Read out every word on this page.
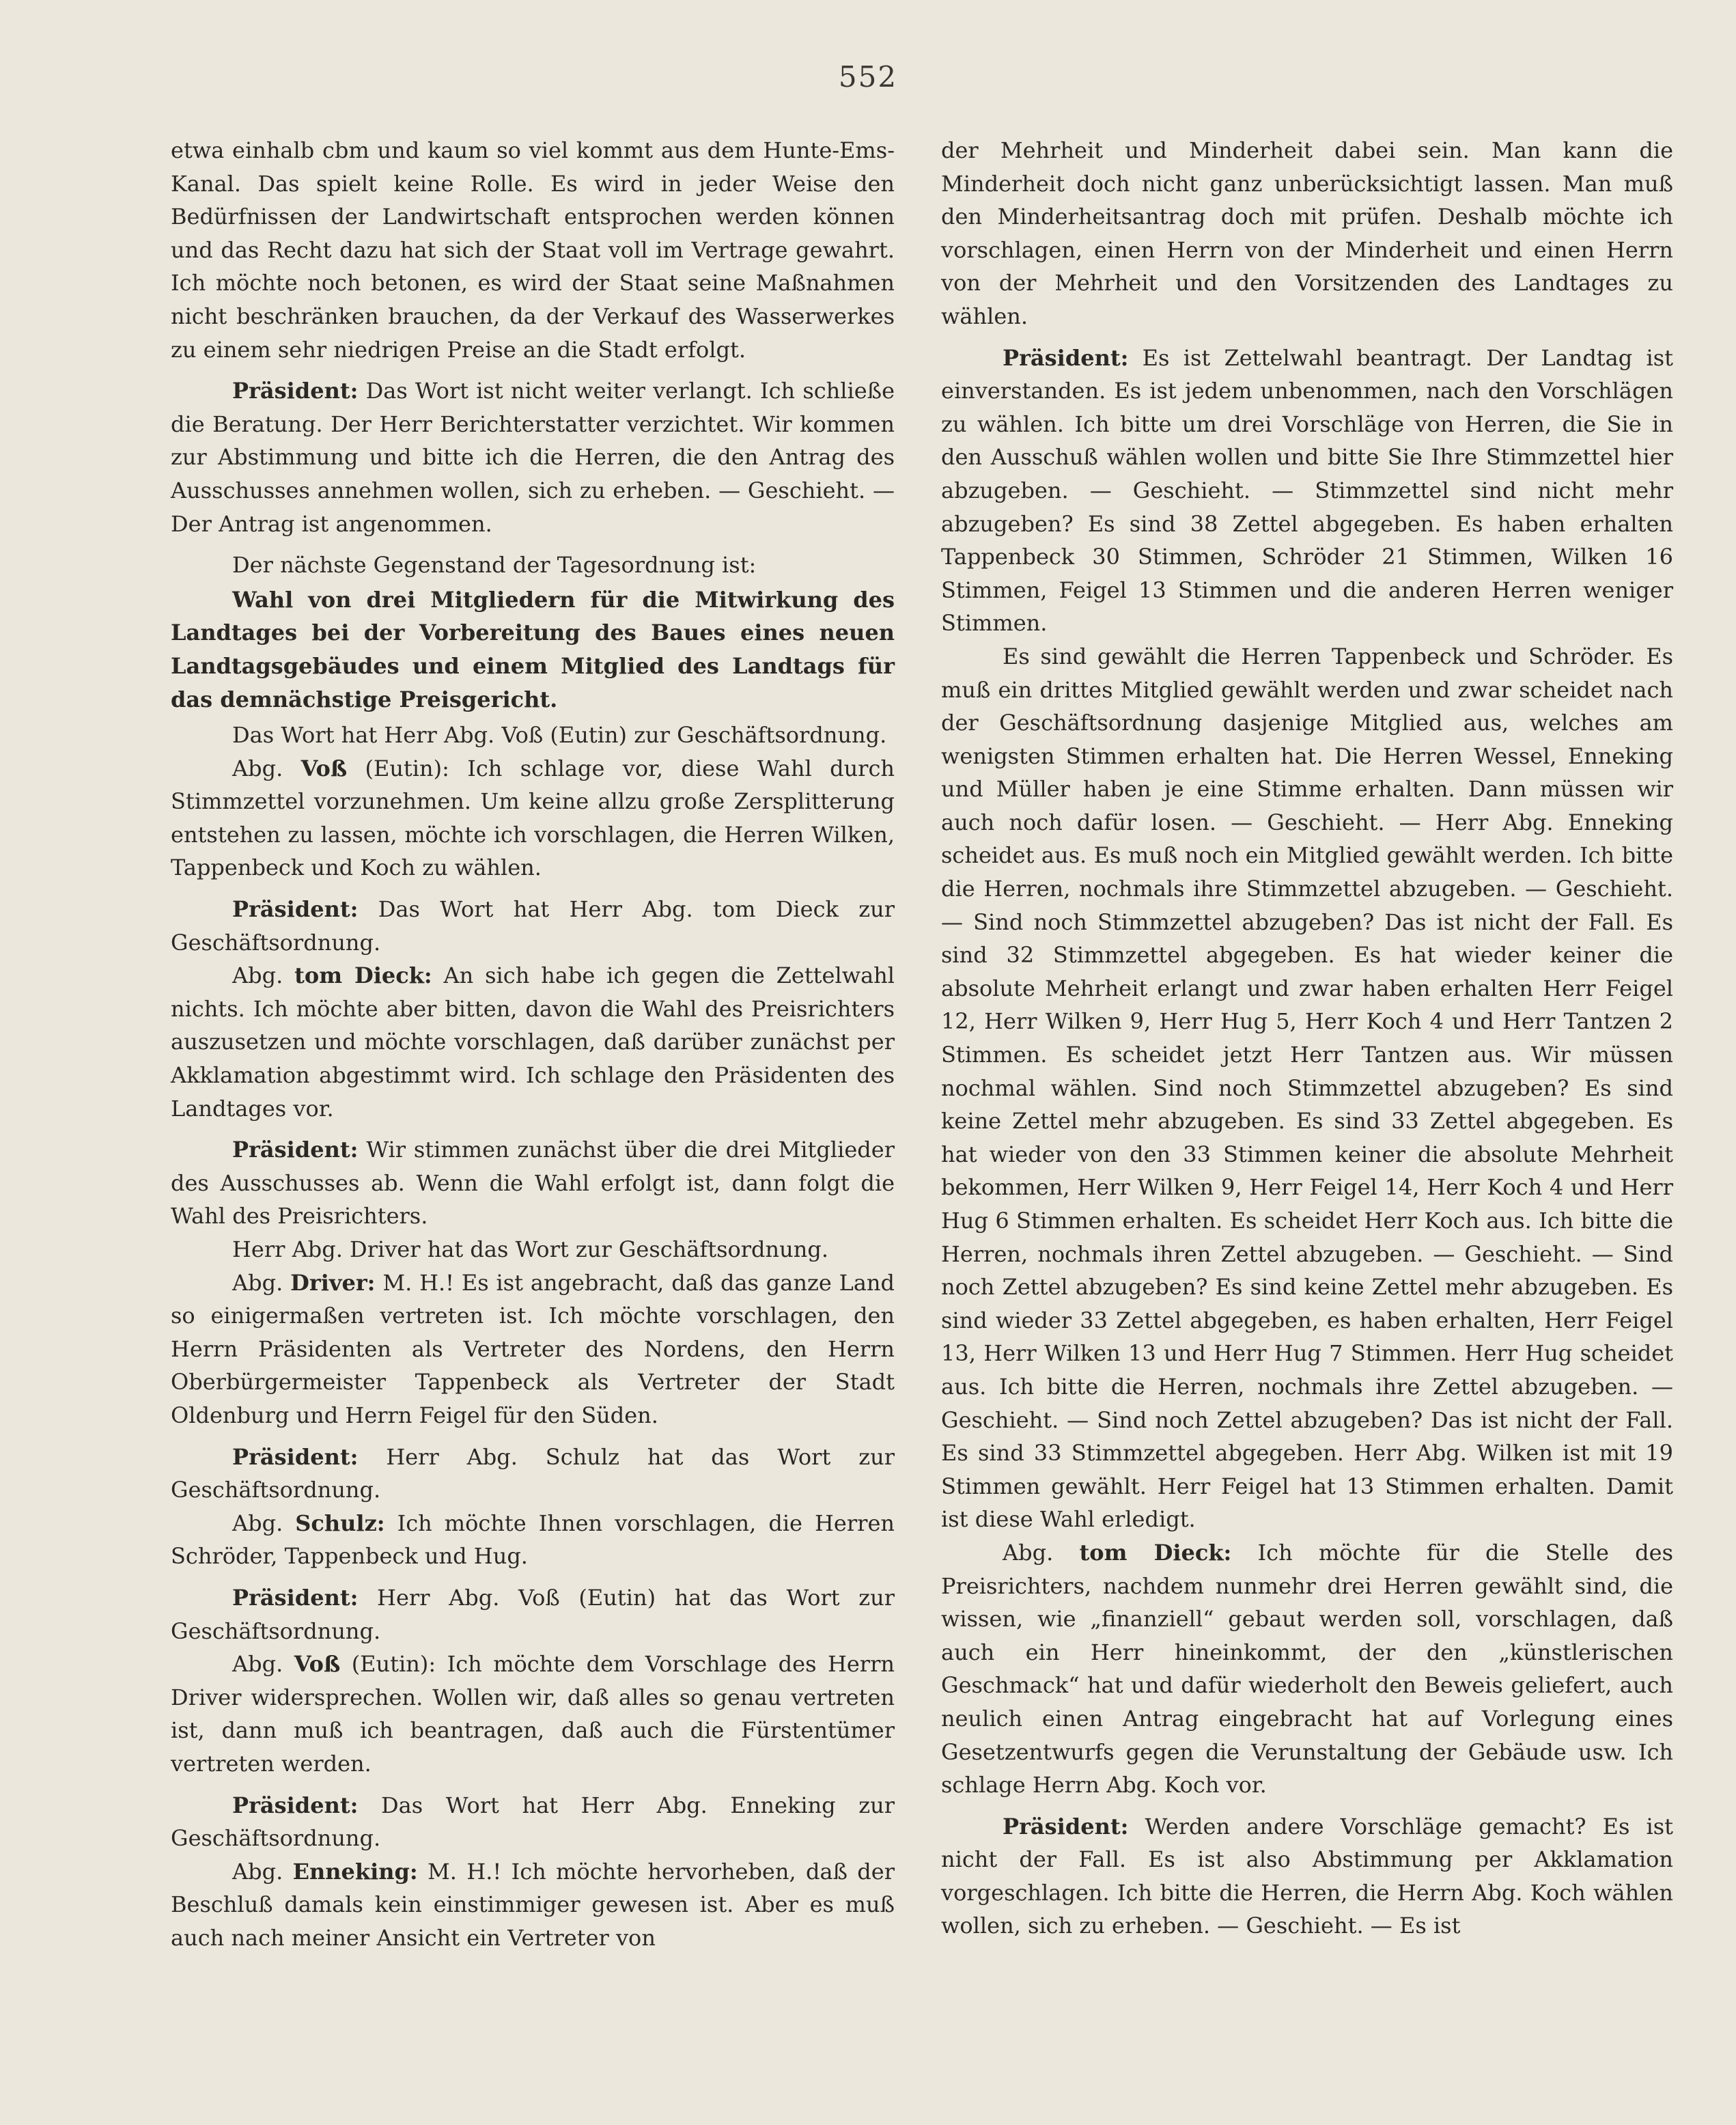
552

etwa einhalb cbm und kaum so viel kommt aus dem Hunte-Ems-Kanal. Das spielt keine Rolle. Es wird in jeder Weise den Bedürfnissen der Landwirtschaft entsprochen werden können und das Recht dazu hat sich der Staat voll im Vertrage gewahrt. Ich möchte noch betonen, es wird der Staat seine Maßnahmen nicht beschränken brauchen, da der Verkauf des Wasserwerkes zu einem sehr niedrigen Preise an die Stadt erfolgt.

Präsident: Das Wort ist nicht weiter verlangt. Ich schließe die Beratung. Der Herr Berichterstatter verzichtet. Wir kommen zur Abstimmung und bitte ich die Herren, die den Antrag des Ausschusses annehmen wollen, sich zu erheben. — Geschieht. — Der Antrag ist angenommen.

Der nächste Gegenstand der Tagesordnung ist:

Wahl von drei Mitgliedern für die Mitwirkung des Landtages bei der Vorbereitung des Baues eines neuen Landtagsgebäudes und einem Mitglied des Landtags für das demnächstige Preisgericht.

Das Wort hat Herr Abg. Voß (Eutin) zur Geschäftsordnung.

Abg. Voß (Eutin): Ich schlage vor, diese Wahl durch Stimmzettel vorzunehmen. Um keine allzu große Zersplitterung entstehen zu lassen, möchte ich vorschlagen, die Herren Wilken, Tappenbeck und Koch zu wählen.

Präsident: Das Wort hat Herr Abg. tom Dieck zur Geschäftsordnung.

Abg. tom Dieck: An sich habe ich gegen die Zettelwahl nichts. Ich möchte aber bitten, davon die Wahl des Preisrichters auszusetzen und möchte vorschlagen, daß darüber zunächst per Akklamation abgestimmt wird. Ich schlage den Präsidenten des Landtages vor.

Präsident: Wir stimmen zunächst über die drei Mitglieder des Ausschusses ab. Wenn die Wahl erfolgt ist, dann folgt die Wahl des Preisrichters.

Herr Abg. Driver hat das Wort zur Geschäftsordnung.

Abg. Driver: M. H.! Es ist angebracht, daß das ganze Land so einigermaßen vertreten ist. Ich möchte vorschlagen, den Herrn Präsidenten als Vertreter des Nordens, den Herrn Oberbürgermeister Tappenbeck als Vertreter der Stadt Oldenburg und Herrn Feigel für den Süden.

Präsident: Herr Abg. Schulz hat das Wort zur Geschäftsordnung.

Abg. Schulz: Ich möchte Ihnen vorschlagen, die Herren Schröder, Tappenbeck und Hug.

Präsident: Herr Abg. Voß (Eutin) hat das Wort zur Geschäftsordnung.

Abg. Voß (Eutin): Ich möchte dem Vorschlage des Herrn Driver widersprechen. Wollen wir, daß alles so genau vertreten ist, dann muß ich beantragen, daß auch die Fürstentümer vertreten werden.

Präsident: Das Wort hat Herr Abg. Enneking zur Geschäftsordnung.

Abg. Enneking: M. H.! Ich möchte hervorheben, daß der Beschluß damals kein einstimmiger gewesen ist. Aber es muß auch nach meiner Ansicht ein Vertreter von

der Mehrheit und Minderheit dabei sein. Man kann die Minderheit doch nicht ganz unberücksichtigt lassen. Man muß den Minderheitsantrag doch mit prüfen. Deshalb möchte ich vorschlagen, einen Herrn von der Minderheit und einen Herrn von der Mehrheit und den Vorsitzenden des Landtages zu wählen.

Präsident: Es ist Zettelwahl beantragt. Der Landtag ist einverstanden. Es ist jedem unbenommen, nach den Vorschlägen zu wählen. Ich bitte um drei Vorschläge von Herren, die Sie in den Ausschuß wählen wollen und bitte Sie Ihre Stimmzettel hier abzugeben. — Geschieht. — Stimmzettel sind nicht mehr abzugeben? Es sind 38 Zettel abgegeben. Es haben erhalten Tappenbeck 30 Stimmen, Schröder 21 Stimmen, Wilken 16 Stimmen, Feigel 13 Stimmen und die anderen Herren weniger Stimmen.

Es sind gewählt die Herren Tappenbeck und Schröder. Es muß ein drittes Mitglied gewählt werden und zwar scheidet nach der Geschäftsordnung dasjenige Mitglied aus, welches am wenigsten Stimmen erhalten hat. Die Herren Wessel, Enneking und Müller haben je eine Stimme erhalten. Dann müssen wir auch noch dafür losen. — Geschieht. — Herr Abg. Enneking scheidet aus. Es muß noch ein Mitglied gewählt werden. Ich bitte die Herren, nochmals ihre Stimmzettel abzugeben. — Geschieht. — Sind noch Stimmzettel abzugeben? Das ist nicht der Fall. Es sind 32 Stimmzettel abgegeben. Es hat wieder keiner die absolute Mehrheit erlangt und zwar haben erhalten Herr Feigel 12, Herr Wilken 9, Herr Hug 5, Herr Koch 4 und Herr Tantzen 2 Stimmen. Es scheidet jetzt Herr Tantzen aus. Wir müssen nochmal wählen. Sind noch Stimmzettel abzugeben? Es sind keine Zettel mehr abzugeben. Es sind 33 Zettel abgegeben. Es hat wieder von den 33 Stimmen keiner die absolute Mehrheit bekommen, Herr Wilken 9, Herr Feigel 14, Herr Koch 4 und Herr Hug 6 Stimmen erhalten. Es scheidet Herr Koch aus. Ich bitte die Herren, nochmals ihren Zettel abzugeben. — Geschieht. — Sind noch Zettel abzugeben? Es sind keine Zettel mehr abzugeben. Es sind wieder 33 Zettel abgegeben, es haben erhalten, Herr Feigel 13, Herr Wilken 13 und Herr Hug 7 Stimmen. Herr Hug scheidet aus. Ich bitte die Herren, nochmals ihre Zettel abzugeben. — Geschieht. — Sind noch Zettel abzugeben? Das ist nicht der Fall. Es sind 33 Stimmzettel abgegeben. Herr Abg. Wilken ist mit 19 Stimmen gewählt. Herr Feigel hat 13 Stimmen erhalten. Damit ist diese Wahl erledigt.

Abg. tom Dieck: Ich möchte für die Stelle des Preisrichters, nachdem nunmehr drei Herren gewählt sind, die wissen, wie „finanziell“ gebaut werden soll, vorschlagen, daß auch ein Herr hineinkommt, der den „künstlerischen Geschmack“ hat und dafür wiederholt den Beweis geliefert, auch neulich einen Antrag eingebracht hat auf Vorlegung eines Gesetzentwurfs gegen die Verunstaltung der Gebäude usw. Ich schlage Herrn Abg. Koch vor.

Präsident: Werden andere Vorschläge gemacht? Es ist nicht der Fall. Es ist also Abstimmung per Akklamation vorgeschlagen. Ich bitte die Herren, die Herrn Abg. Koch wählen wollen, sich zu erheben. — Geschieht. — Es ist
